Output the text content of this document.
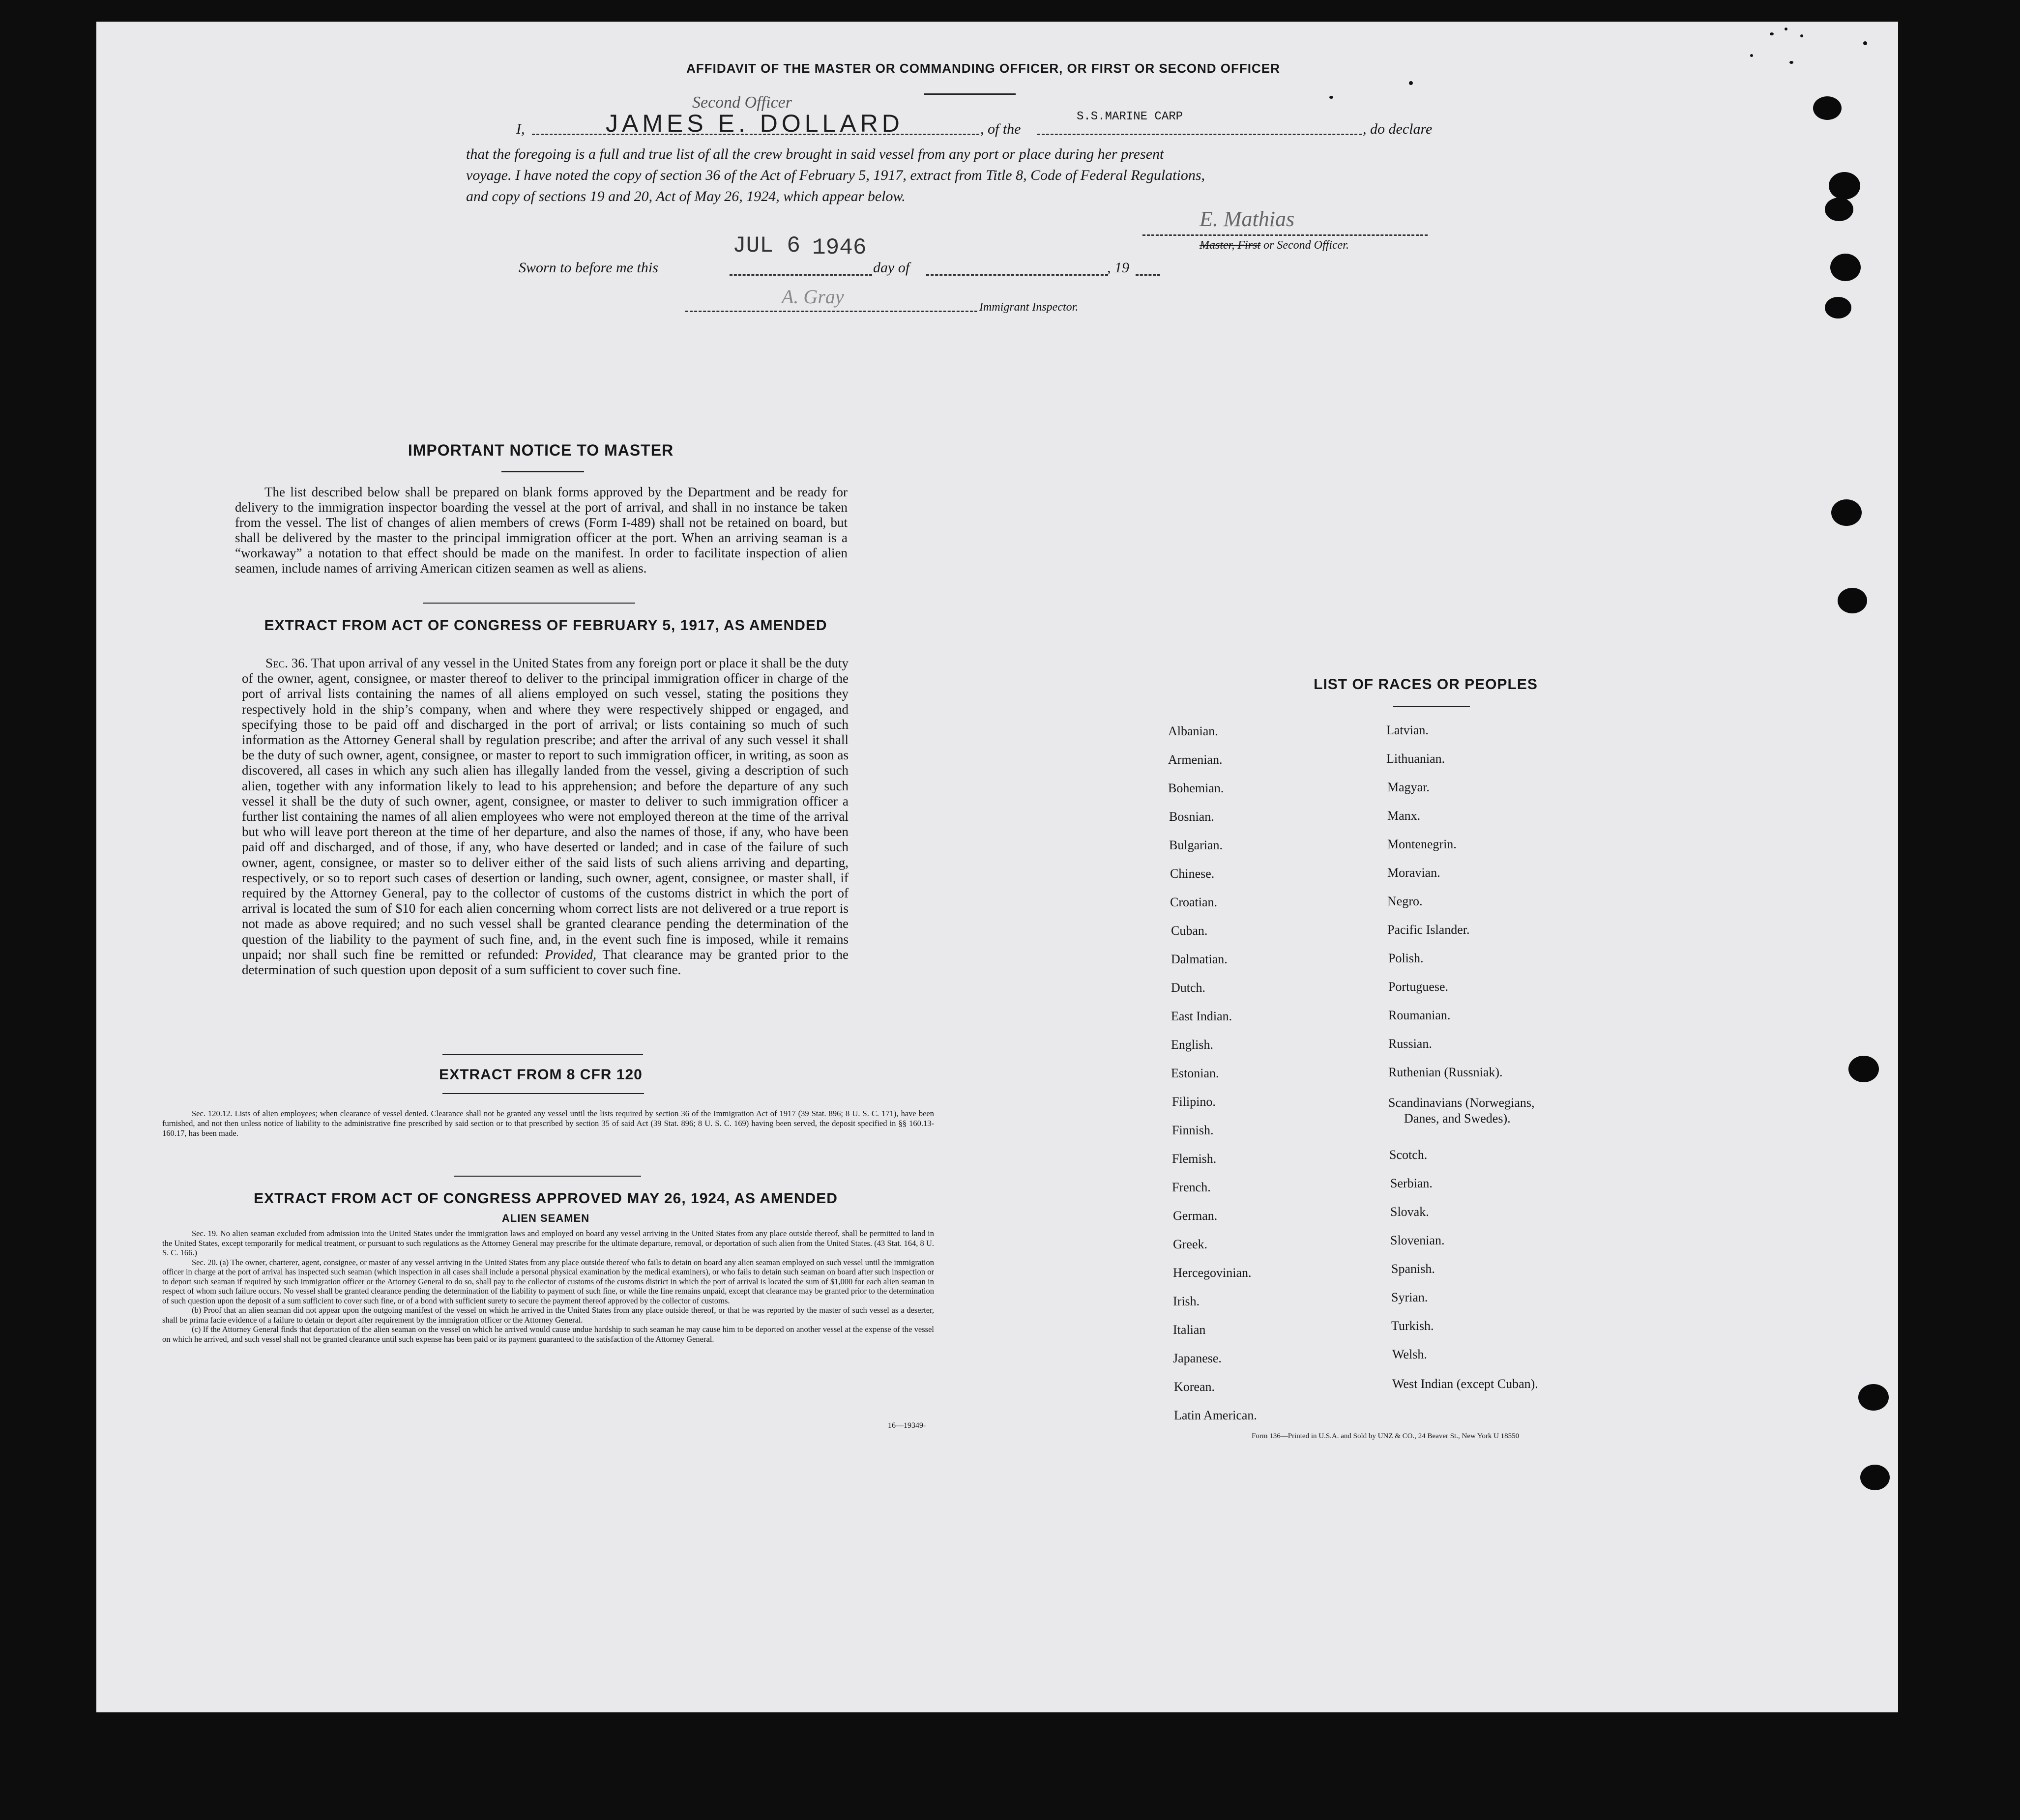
AFFIDAVIT OF THE MASTER OR COMMANDING OFFICER, OR FIRST OR SECOND OFFICER
I,
Second Officer
JAMES E. DOLLARD	, of the
S.S.MARINE CARP
, do declare
that the foregoing is a full and true list of all the crew brought in said vessel from any port or place during her present
voyage. I have noted the copy of section 36 of the Act of February 5, 1917, extract from Title 8, Code of Federal Regulations,
and copy of sections 19 and 20, Act of May 26, 1924, which appear below.
E. Mathias
Master, First or Second Officer.
Sworn to before me this
JUL 6 1946
day of	, 19
A. Gray	Immigrant Inspector.
IMPORTANT NOTICE TO MASTER
The list described below shall be prepared on blank forms approved by the Department and be ready for delivery to the immigration inspector boarding the vessel at the port of arrival, and shall in no instance be taken from the vessel. The list of changes of alien members of crews (Form I-489) shall not be retained on board, but shall be delivered by the master to the principal immigration officer at the port. When an arriving seaman is a “workaway” a notation to that effect should be made on the manifest. In order to facilitate inspection of alien seamen, include names of arriving American citizen seamen as well as aliens.
EXTRACT FROM ACT OF CONGRESS OF FEBRUARY 5, 1917, AS AMENDED
Sec. 36. That upon arrival of any vessel in the United States from any foreign port or place it shall be the duty of the owner, agent, consignee, or master thereof to deliver to the principal immigration officer in charge of the port of arrival lists containing the names of all aliens employed on such vessel, stating the positions they respectively hold in the ship’s company, when and where they were respectively shipped or engaged, and specifying those to be paid off and discharged in the port of arrival; or lists containing so much of such information as the Attorney General shall by regulation prescribe; and after the arrival of any such vessel it shall be the duty of such owner, agent, consignee, or master to report to such immigration officer, in writing, as soon as discovered, all cases in which any such alien has illegally landed from the vessel, giving a description of such alien, together with any information likely to lead to his apprehension; and before the departure of any such vessel it shall be the duty of such owner, agent, consignee, or master to deliver to such immigration officer a further list containing the names of all alien employees who were not employed thereon at the time of the arrival but who will leave port thereon at the time of her departure, and also the names of those, if any, who have been paid off and discharged, and of those, if any, who have deserted or landed; and in case of the failure of such owner, agent, consignee, or master so to deliver either of the said lists of such aliens arriving and departing, respectively, or so to report such cases of desertion or landing, such owner, agent, consignee, or master shall, if required by the Attorney General, pay to the collector of customs of the customs district in which the port of arrival is located the sum of $10 for each alien concerning whom correct lists are not delivered or a true report is not made as above required; and no such vessel shall be granted clearance pending the determination of the question of the liability to the payment of such fine, and, in the event such fine is imposed, while it remains unpaid; nor shall such fine be remitted or refunded: Provided, That clearance may be granted prior to the determination of such question upon deposit of a sum sufficient to cover such fine.
EXTRACT FROM 8 CFR 120
Sec. 120.12. Lists of alien employees; when clearance of vessel denied. Clearance shall not be granted any vessel until the lists required by section 36 of the Immigration Act of 1917 (39 Stat. 896; 8 U. S. C. 171), have been furnished, and not then unless notice of liability to the administrative fine prescribed by said section or to that prescribed by section 35 of said Act (39 Stat. 896; 8 U. S. C. 169) having been served, the deposit specified in §§ 160.13-160.17, has been made.
EXTRACT FROM ACT OF CONGRESS APPROVED MAY 26, 1924, AS AMENDED
ALIEN SEAMEN
Sec. 19. No alien seaman excluded from admission into the United States under the immigration laws and employed on board any vessel arriving in the United States from any place outside thereof, shall be permitted to land in the United States, except temporarily for medical treatment, or pursuant to such regulations as the Attorney General may prescribe for the ultimate departure, removal, or deportation of such alien from the United States. (43 Stat. 164, 8 U. S. C. 166.)
Sec. 20. (a) The owner, charterer, agent, consignee, or master of any vessel arriving in the United States from any place outside thereof who fails to detain on board any alien seaman employed on such vessel until the immigration officer in charge at the port of arrival has inspected such seaman (which inspection in all cases shall include a personal physical examination by the medical examiners), or who fails to detain such seaman on board after such inspection or to deport such seaman if required by such immigration officer or the Attorney General to do so, shall pay to the collector of customs of the customs district in which the port of arrival is located the sum of $1,000 for each alien seaman in respect of whom such failure occurs. No vessel shall be granted clearance pending the determination of the liability to payment of such fine, or while the fine remains unpaid, except that clearance may be granted prior to the determination of such question upon the deposit of a sum sufficient to cover such fine, or of a bond with sufficient surety to secure the payment thereof approved by the collector of customs.
(b) Proof that an alien seaman did not appear upon the outgoing manifest of the vessel on which he arrived in the United States from any place outside thereof, or that he was reported by the master of such vessel as a deserter, shall be prima facie evidence of a failure to detain or deport after requirement by the immigration officer or the Attorney General.
(c) If the Attorney General finds that deportation of the alien seaman on the vessel on which he arrived would cause undue hardship to such seaman he may cause him to be deported on another vessel at the expense of the vessel on which he arrived, and such vessel shall not be granted clearance until such expense has been paid or its payment guaranteed to the satisfaction of the Attorney General.
16—19349-
LIST OF RACES OR PEOPLES
Albanian.
Armenian.
Bohemian.
Bosnian.
Bulgarian.
Chinese.
Croatian.
Cuban.
Dalmatian.
Dutch.
East Indian.
English.
Estonian.
Filipino.
Finnish.
Flemish.
French.
German.
Greek.
Hercegovinian.
Irish.
Italian
Japanese.
Korean.
Latin American.
Latvian.
Lithuanian.
Magyar.
Manx.
Montenegrin.
Moravian.
Negro.
Pacific Islander.
Polish.
Portuguese.
Roumanian.
Russian.
Ruthenian (Russniak).
Scandinavians (Norwegians,
Danes, and Swedes).
Scotch.
Serbian.
Slovak.
Slovenian.
Spanish.
Syrian.
Turkish.
Welsh.
West Indian (except Cuban).
Form 136—Printed in U.S.A. and Sold by UNZ & CO., 24 Beaver St., New York U 18550
